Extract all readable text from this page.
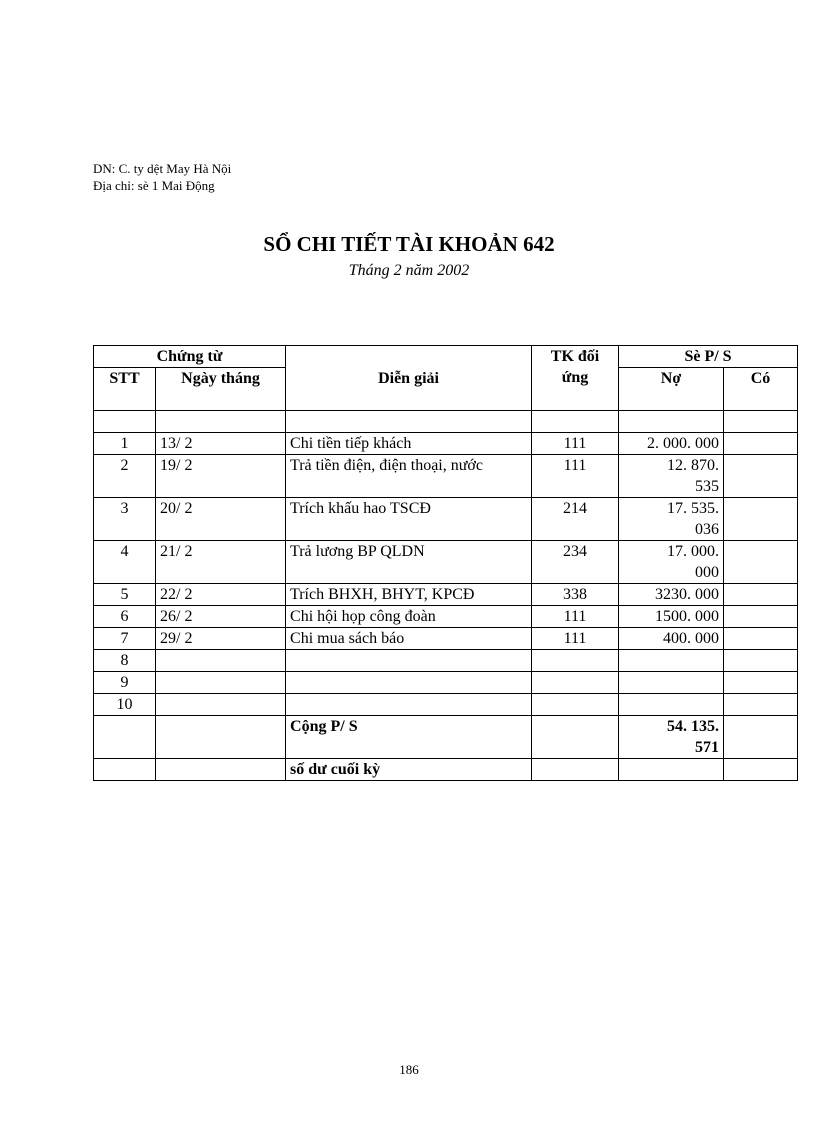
DN: C. ty dệt May Hà Nội
Địa chỉ: sè 1 Mai Động
SỔ CHI TIẾT TÀI KHOẢN 642
Tháng 2 năm 2002
Chứng từ		Diễn giải	TK đối ứng	Sè P/ S	
STT	Ngày tháng			Nợ	Có

1	13/ 2	Chi tiền tiếp khách	111	2. 000. 000	
2	19/ 2	Trả tiền điện, điện thoại, nước	111	12. 870. 535	
3	20/ 2	Trích khấu hao TSCĐ	214	17. 535. 036	
4	21/ 2	Trả lương BP QLDN	234	17. 000. 000	
5	22/ 2	Trích BHXH, BHYT, KPCĐ	338	3230. 000	
6	26/ 2	Chi hội họp công đoàn	111	1500. 000	
7	29/ 2	Chi mua sách báo	111	400. 000	
8					
9					
10					
		Cộng P/ S		54. 135. 571	
		số dư cuối kỳ			
186
